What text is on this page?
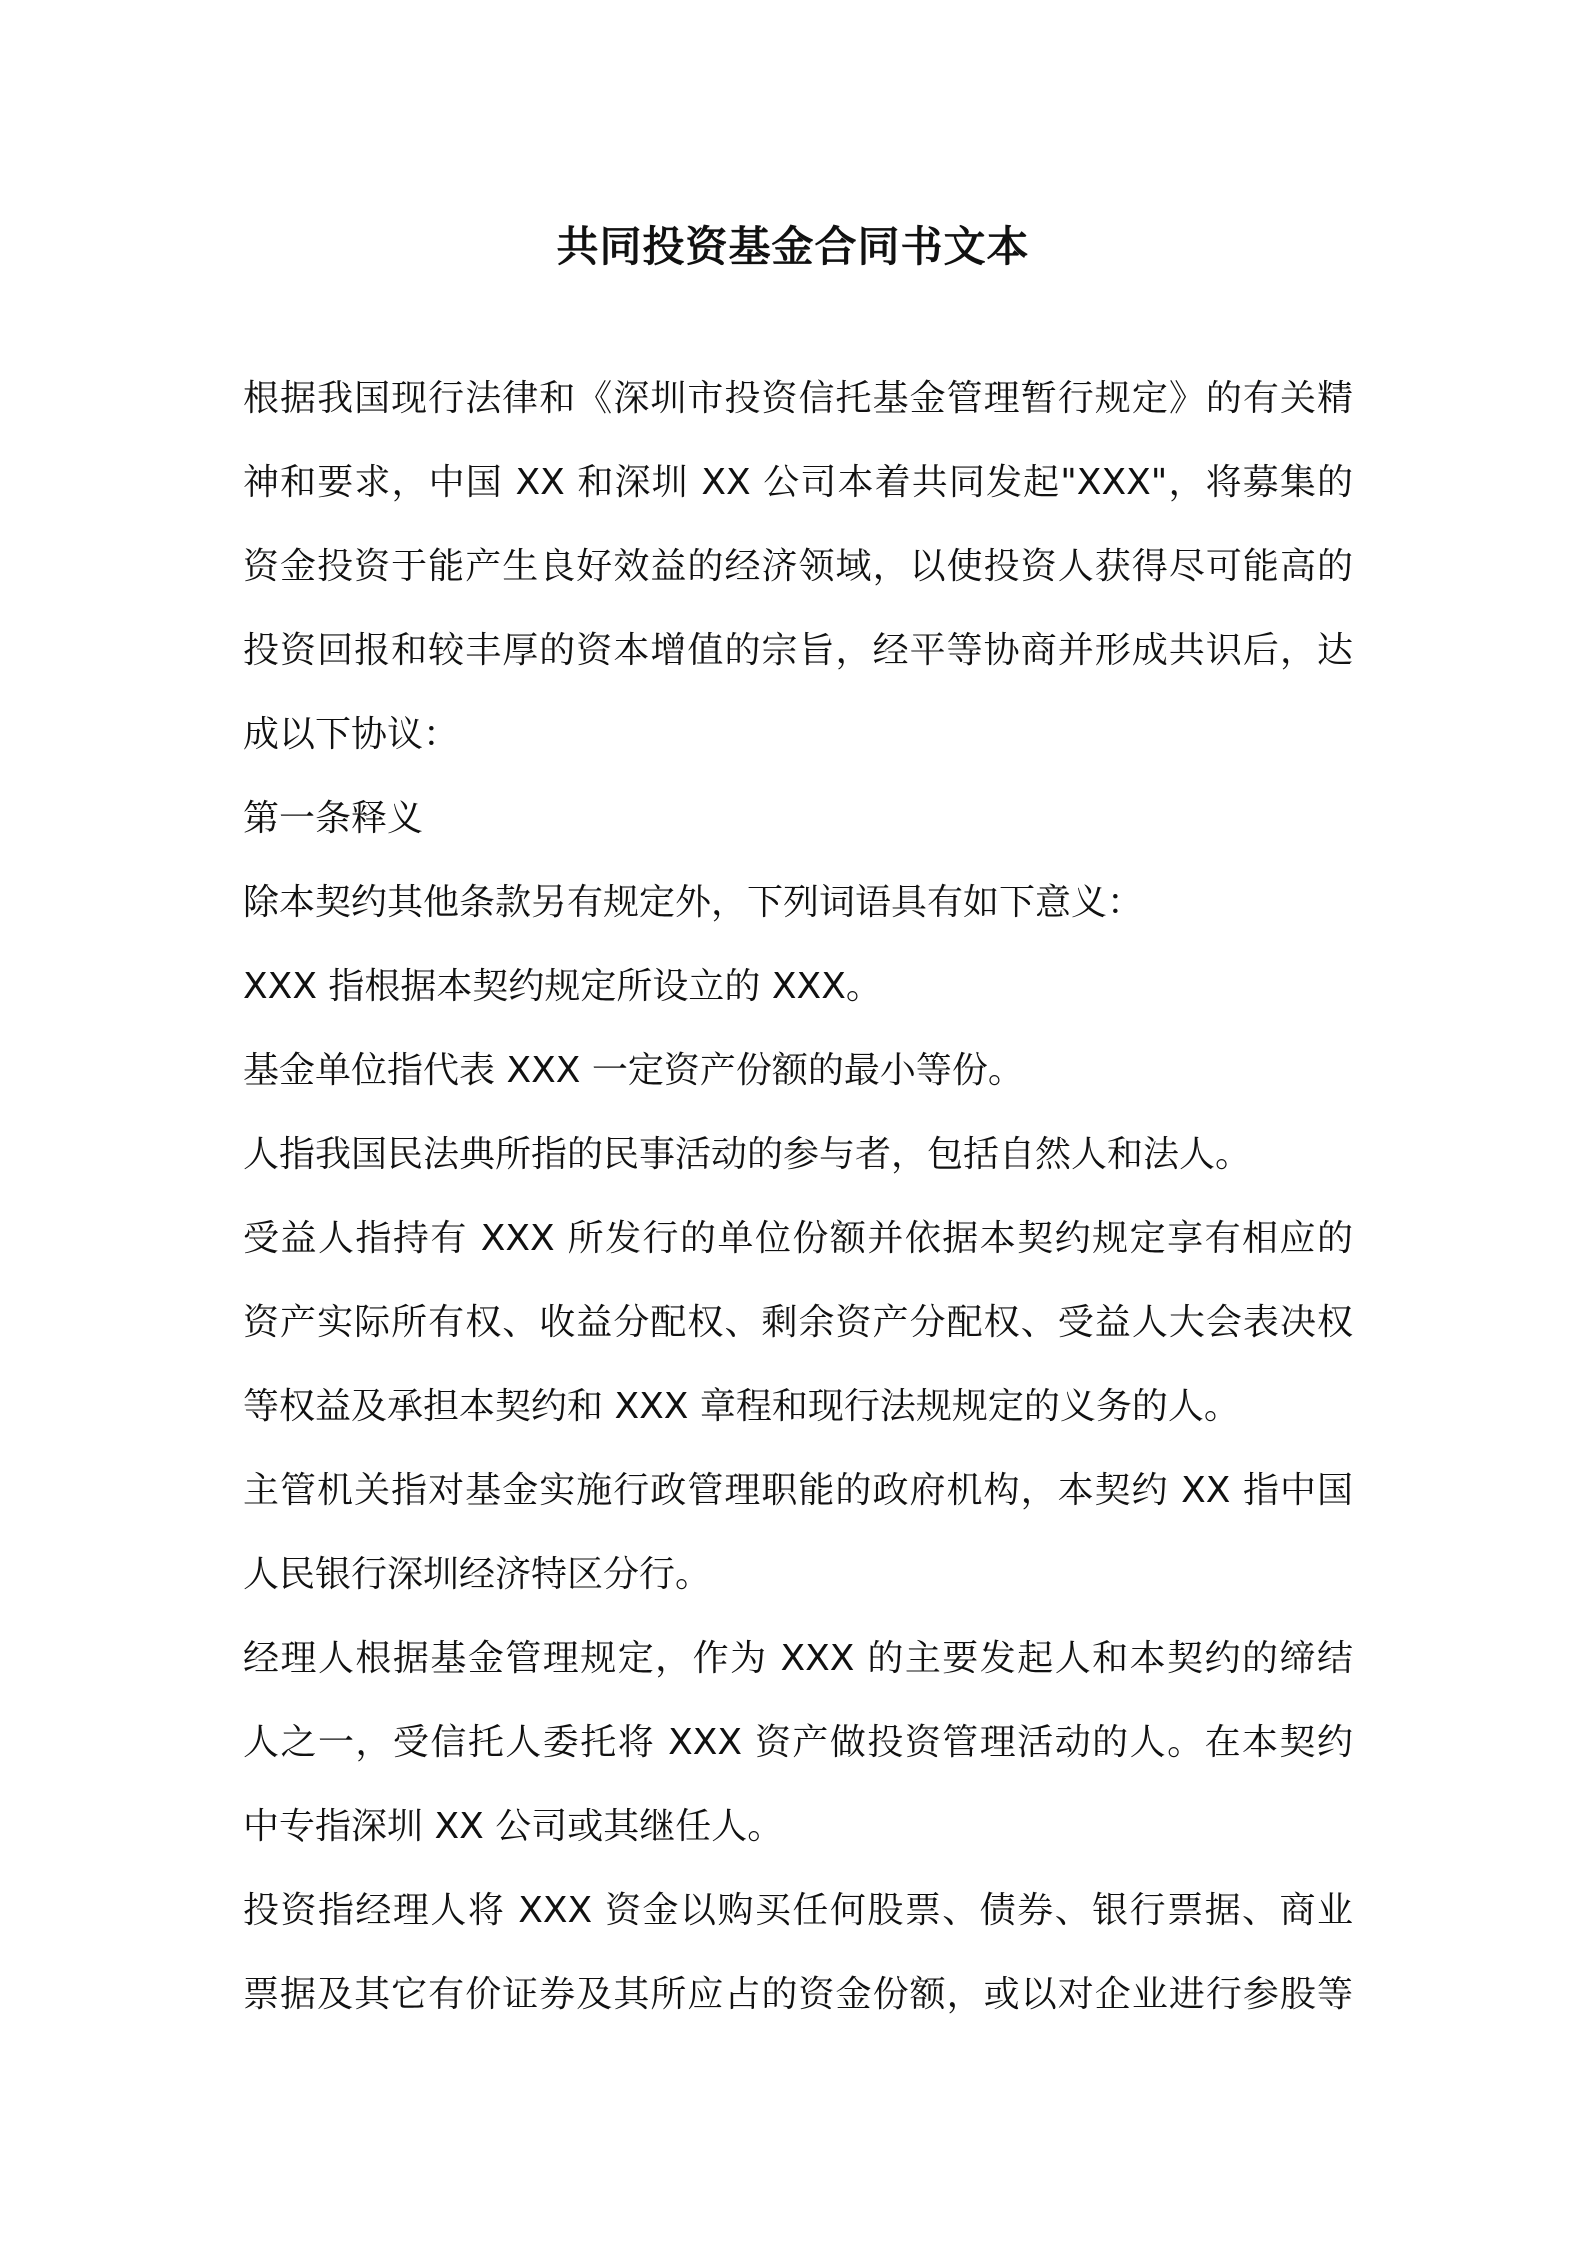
共同投资基金合同书文本

根据我国现行法律和《深圳市投资信托基金管理暂行规定》的有关精

神和要求，中国 XX 和深圳 XX 公司本着共同发起"XXX"，将募集的

资金投资于能产生良好效益的经济领域，以使投资人获得尽可能高的

投资回报和较丰厚的资本增值的宗旨，经平等协商并形成共识后，达

成以下协议：

第一条释义

除本契约其他条款另有规定外，下列词语具有如下意义：

XXX 指根据本契约规定所设立的 XXX。

基金单位指代表 XXX 一定资产份额的最小等份。

人指我国民法典所指的民事活动的参与者，包括自然人和法人。

受益人指持有 XXX 所发行的单位份额并依据本契约规定享有相应的

资产实际所有权、收益分配权、剩余资产分配权、受益人大会表决权

等权益及承担本契约和 XXX 章程和现行法规规定的义务的人。

主管机关指对基金实施行政管理职能的政府机构，本契约 XX 指中国

人民银行深圳经济特区分行。

经理人根据基金管理规定，作为 XXX 的主要发起人和本契约的缔结

人之一，受信托人委托将 XXX 资产做投资管理活动的人。在本契约

中专指深圳 XX 公司或其继任人。

投资指经理人将 XXX 资金以购买任何股票、债券、银行票据、商业

票据及其它有价证券及其所应占的资金份额，或以对企业进行参股等
